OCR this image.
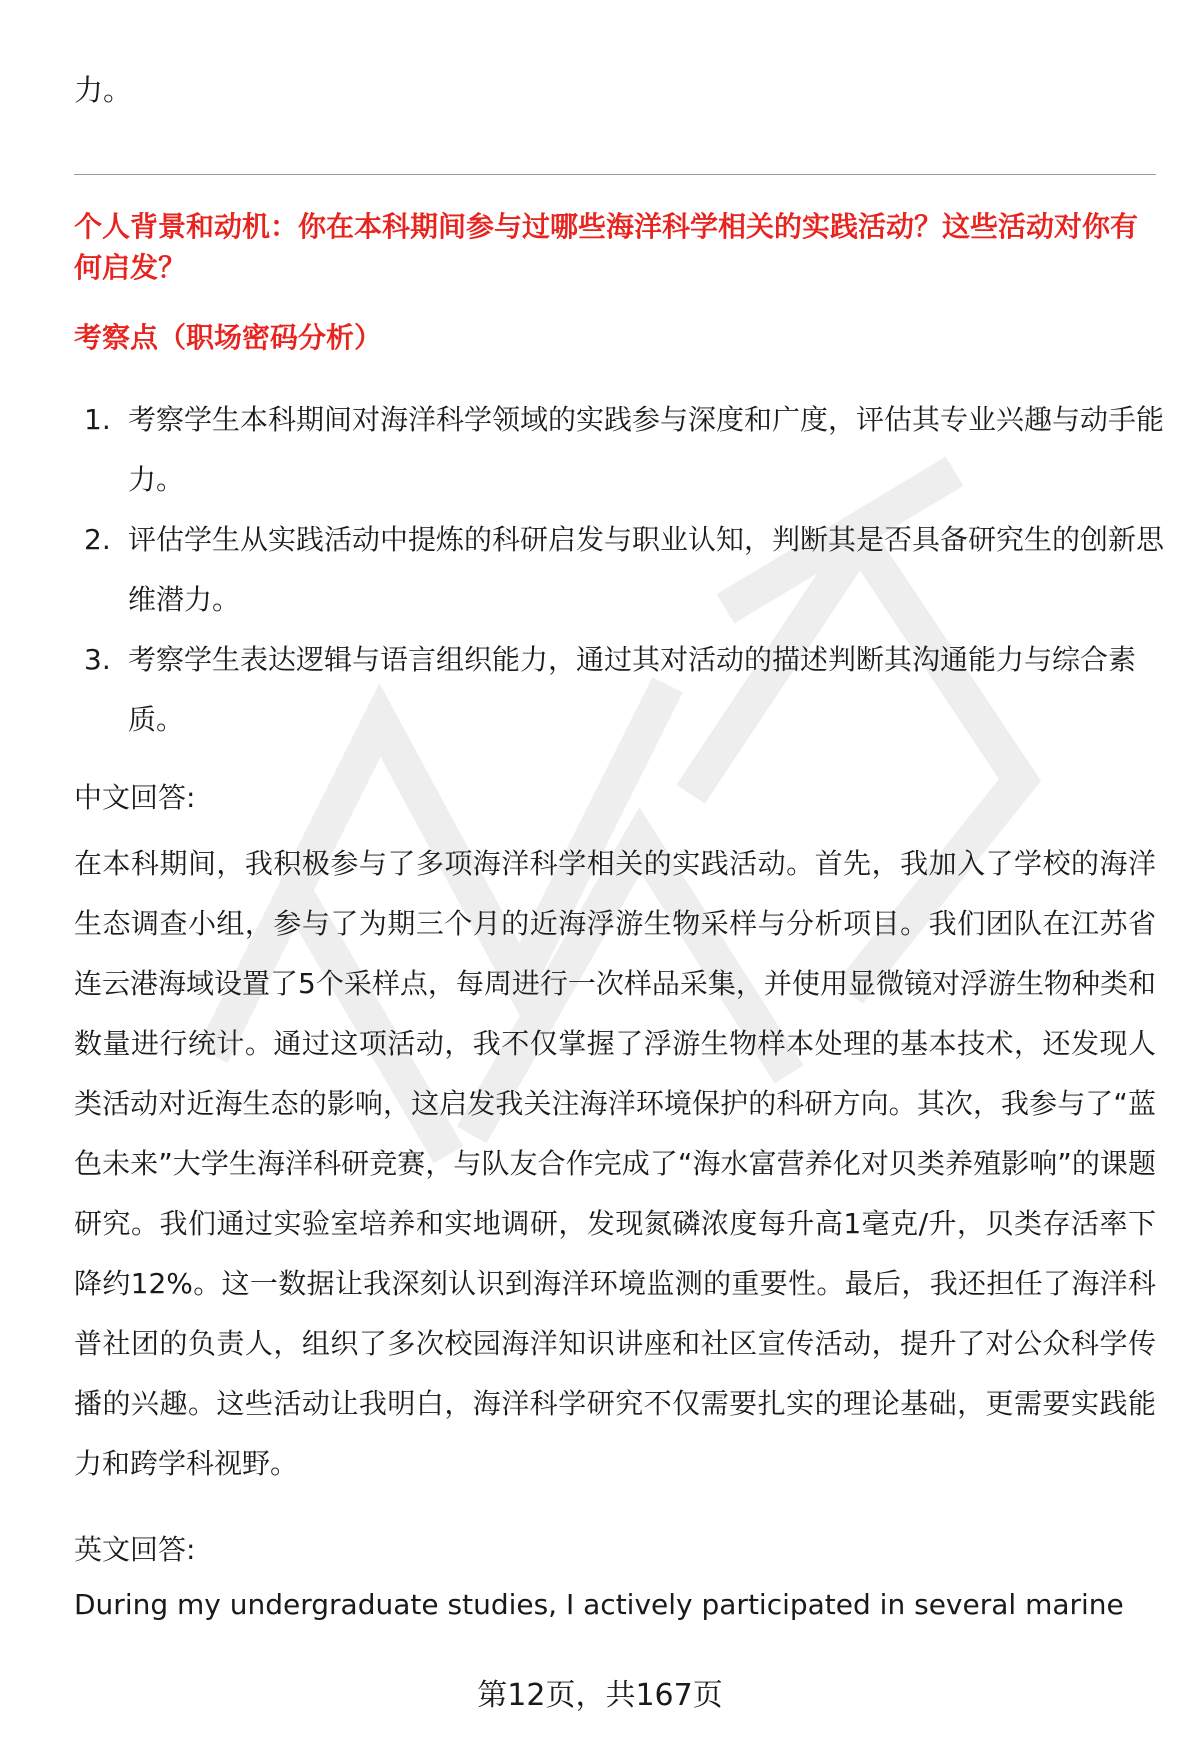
力。
个人背景和动机：你在本科期间参与过哪些海洋科学相关的实践活动？这些活动对你有何启发？
考察点（职场密码分析）
1. 考察学生本科期间对海洋科学领域的实践参与深度和广度，评估其专业兴趣与动手能力。
2. 评估学生从实践活动中提炼的科研启发与职业认知，判断其是否具备研究生的创新思维潜力。
3. 考察学生表达逻辑与语言组织能力，通过其对活动的描述判断其沟通能力与综合素质。
中文回答:

在本科期间，我积极参与了多项海洋科学相关的实践活动。首先，我加入了学校的海洋生态调查小组，参与了为期三个月的近海浮游生物采样与分析项目。我们团队在江苏省连云港海域设置了5个采样点，每周进行一次样品采集，并使用显微镜对浮游生物种类和数量进行统计。通过这项活动，我不仅掌握了浮游生物样本处理的基本技术，还发现人类活动对近海生态的影响，这启发我关注海洋环境保护的科研方向。其次，我参与了“蓝色未来”大学生海洋科研竞赛，与队友合作完成了“海水富营养化对贝类养殖影响”的课题研究。我们通过实验室培养和实地调研，发现氮磷浓度每升高1毫克/升，贝类存活率下降约12%。这一数据让我深刻认识到海洋环境监测的重要性。最后，我还担任了海洋科普社团的负责人，组织了多次校园海洋知识讲座和社区宣传活动，提升了对公众科学传播的兴趣。这些活动让我明白，海洋科学研究不仅需要扎实的理论基础，更需要实践能力和跨学科视野。

英文回答:

During my undergraduate studies, I actively participated in several marine

第12页，共167页
